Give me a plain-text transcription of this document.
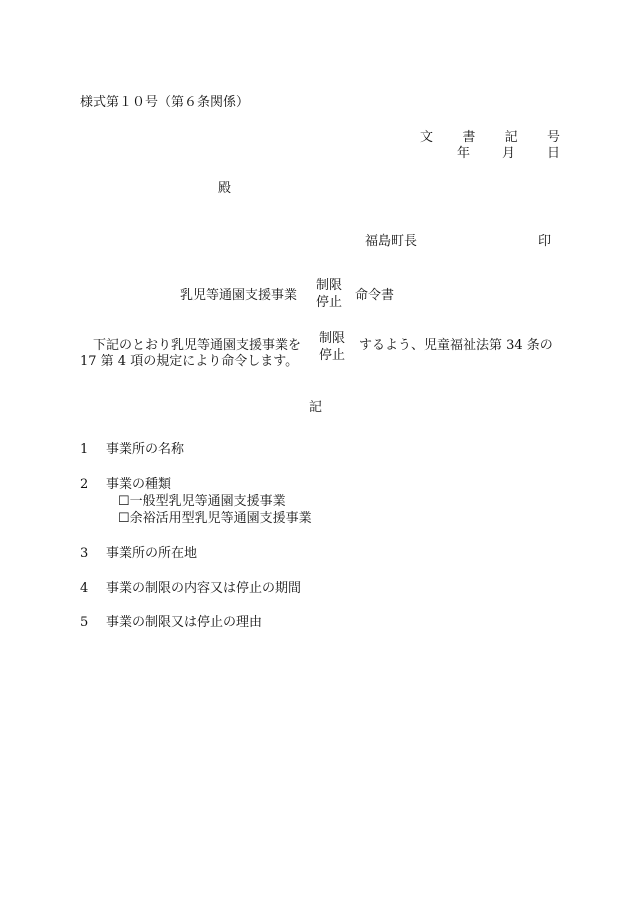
様式第１０号（第６条関係）
文 書 記 号
年 月 日
殿
福島町長	印
乳児等通園支援事業
制限
停止 命令書
下記のとおり乳児等通園支援事業を 制限
停止
するよう、児童福祉法第 34 条の
17 第 4 項の規定により命令します。
記
1 事業所の名称
2 事業の種類
☐一般型乳児等通園支援事業
☐余裕活用型乳児等通園支援事業
3 事業所の所在地
4 事業の制限の内容又は停止の期間
5 事業の制限又は停止の理由
